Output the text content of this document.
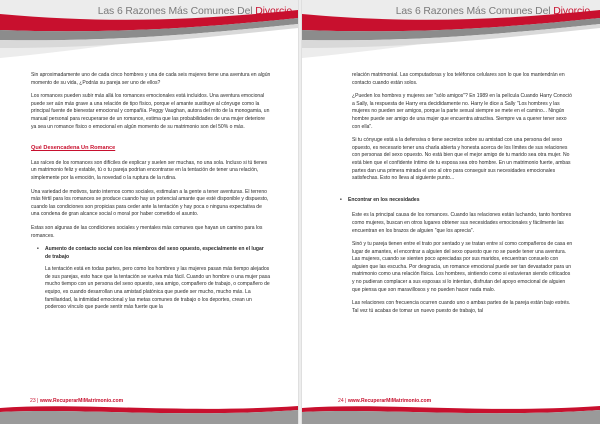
Las 6 Razones Más Comunes Del Divorcio

Sin aproximadamente uno de cada cinco hombres y una de cada seis mujeres tiene una aventura en algún momento de su vida, ¿Podrás su pareja ser uno de ellos?

Los romances pueden subir más allá los romances emocionales está incluidos. Una aventura emocional puede ser aún más grave a una relación de tipo físico, porque el amante sustituye al cónyuge como la principal fuente de bienestar emocional y compañía. Peggy Vaughan, autora del mito de la monogamia, un manual personal para recuperarse de un romance, estima que las probabilidades de una mujer deteriore ya sea un romance físico o emocional en algún momento de su matrimonio son del 50% o más.

Qué Desencadena Un Romance

Las raíces de los romances son difíciles de explicar y suelen ser muchas, no una sola. Incluso si tú tienes un matrimonio feliz y estable, tú o tu pareja podrían encontrarse en la tentación de tener una relación, simplemente por la emoción, la novedad o la ruptura de la rutina.

Una variedad de motivos, tanto internos como sociales, estimulan a la gente a tener aventuras. El terreno más fértil para los romances se produce cuando hay un potencial amante que esté disponible y dispuesto, cuando las condiciones son propicias para ceder ante la tentación y hay poca o ninguna expectativa de una condena de gran alcance social o moral por haber cometido el asunto.

Estas son algunas de las condiciones sociales y mentales más comunes que hayan un camino para los romances.

• Aumento de contacto social con los miembros del sexo opuesto, especialmente en el lugar de trabajo

La tentación está en todas partes, pero como los hombres y las mujeres pasan más tiempo alejados de sus parejas, esto hace que la tentación se vuelva más fácil. Cuando un hombre o una mujer pasa mucho tiempo con un persona del sexo opuesto, sea amigo, compañero de trabajo, o compañero de equipo, es cuando desarrollan una amistad platónica que puede ser mucho, mucho más. La familiaridad, la intimidad emocional y las metas comunes de trabajo o los deportes, crean un poderoso vínculo que puede sentir más fuerte que la

23 | www.RecuperarMiMatrimonio.com
Las 6 Razones Más Comunes Del Divorcio

relación matrimonial. Las computadoras y los teléfonos celulares son lo que los mantendrán en contacto cuando están solos.

¿Pueden los hombres y mujeres ser "sólo amigos"? En 1989 en la película Cuando Harry Conoció a Sally, la respuesta de Harry era decididamente no. Harry le dice a Sally "Los hombres y las mujeres no pueden ser amigos, porque la parte sexual siempre se mete en el camino... Ningún hombre puede ser amigo de una mujer que encuentra atractiva. Siempre va a querer tener sexo con ella".

Si tu cónyuge está a la defensiva o tiene secretos sobre su amistad con una persona del sexo opuesto, es necesario tener una charla abierta y honesta acerca de los límites de sus relaciones con personas del sexo opuesto. No está bien que el mejor amigo de tu marido sea otra mujer. No está bien que el confidente íntimo de tu esposa sea otro hombre. En un matrimonio fuerte, ambas partes dan una primera mirada el uno al otro para conseguir sus necesidades emocionales satisfechas. Esto no lleva al siguiente punto...

• Encontrar en los necesidades

Este es la principal causa de los romances. Cuando las relaciones están luchando, tanto hombres como mujeres, buscan en otros lugares obtener sus necesidades emocionales y fácilmente las encuentran en los brazos de alguien "que los aprecia".

Sinó y tu pareja tienen entre el trato por sentado y se tratan entre sí como compañeros de casa en lugar de amantes, el encontrar a alguien del sexo opuesto que no se puede tener una aventura. Las mujeres, cuando se sienten poco apreciadas por sus maridos, encuentran consuelo con alguien que las escucha. Por desgracia, un romance emocional puede ser tan devastador para un matrimonio como una relación física. Los hombres, sintiendo como si estuvieran siendo criticados y no pudieran complacer a sus esposas si lo intentan, disfrutan del apoyo emocional de alguien que piensa que son maravillosos y no pueden hacer nada malo.

Las relaciones con frecuencia ocurren cuando uno o ambas partes de la pareja están bajo estrés. Tal vez tú acabas de tomar un nuevo puesto de trabajo, tal

24 | www.RecuperarMiMatrimonio.com
